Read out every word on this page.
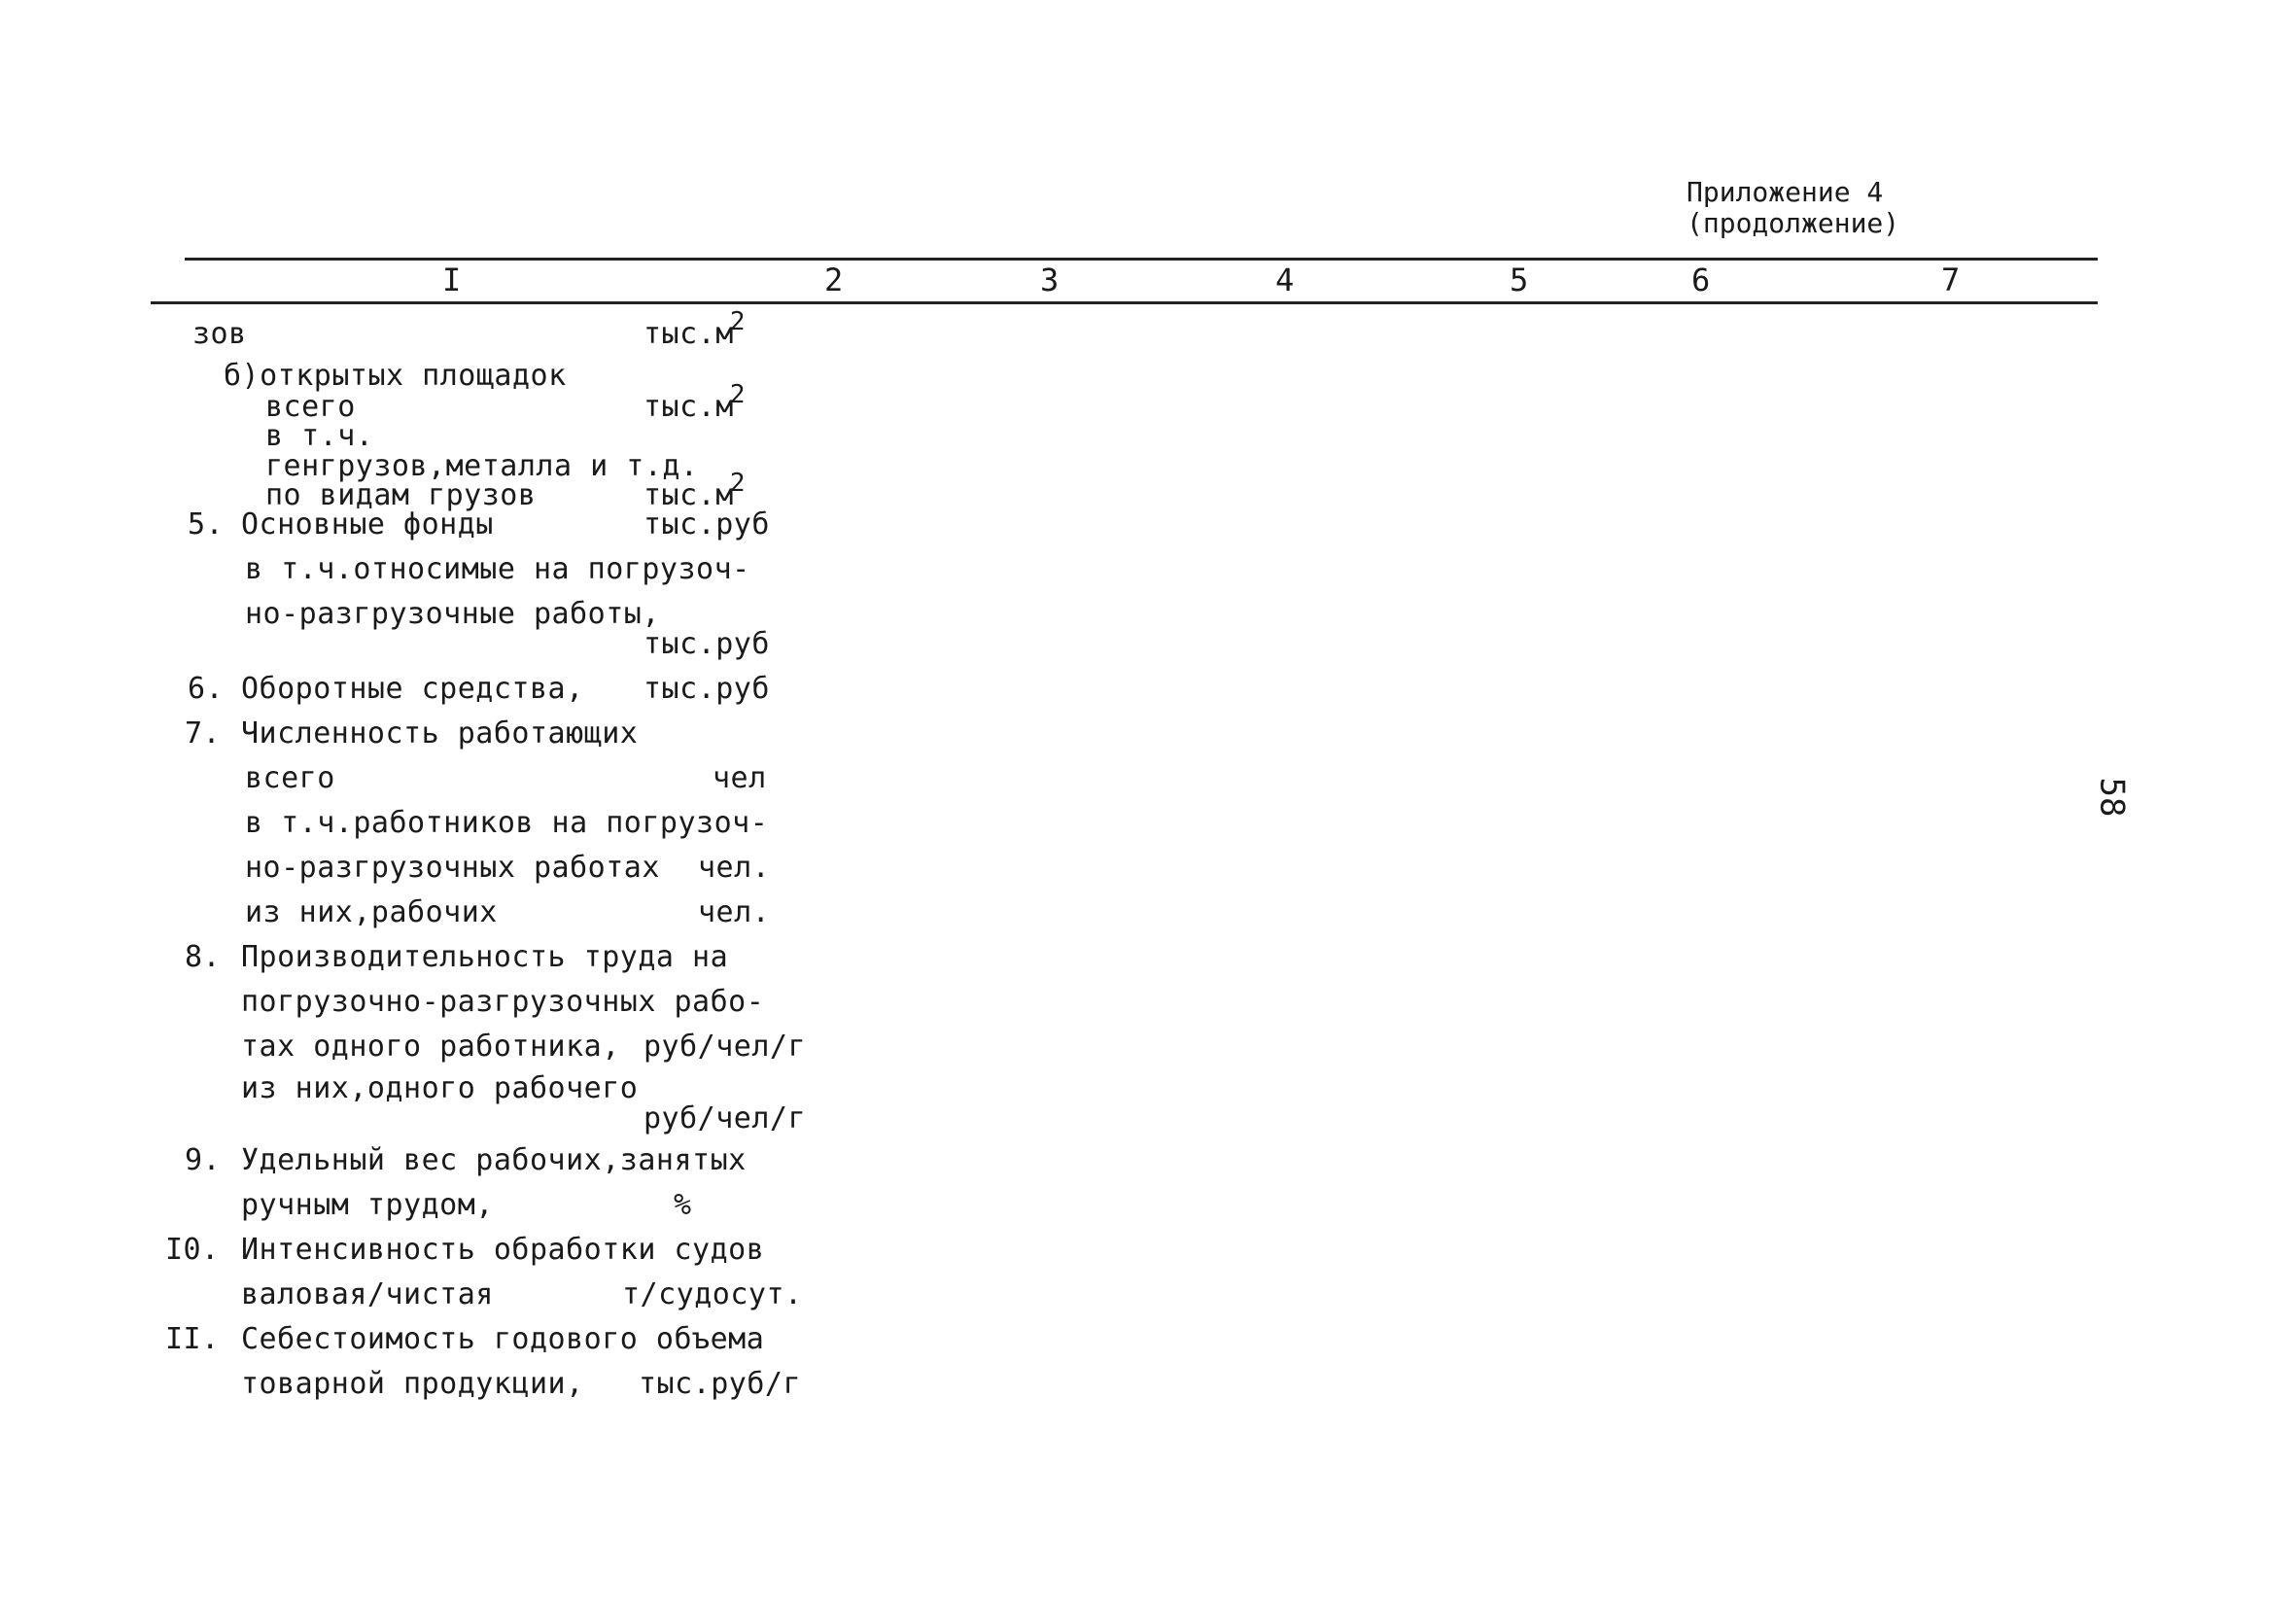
Приложение 4
(продолжение)
I	2	3	4	5	6	7
зов	$тыс.м^2$
б)открытых площадок
всего	$тыс.м^2$
в т.ч.
генгрузов,металла и т.д.
по видам грузов	$тыс.м^2$
5. Основные фонды	тыс.руб
в т.ч.относимые на погрузоч-
но-разгрузочные работы,
тыс.руб
6. Оборотные средства, тыс.руб
7. Численность работающих
всего	чел
в т.ч.работников на погрузоч-
но-разгрузочных работах чел.
из них,рабочих	чел.
8. Производительность труда на
погрузочно-разгрузочных рабо-
тах одного работника, руб/чел/г
из них,одного рабочего
руб/чел/г
9. Удельный вес рабочих,занятых
ручным трудом,	%
I0. Интенсивность обработки судов
валовая/чистая	т/судосут.
II. Себестоимость годового объема
товарной продукции, тыс.руб/г
58
